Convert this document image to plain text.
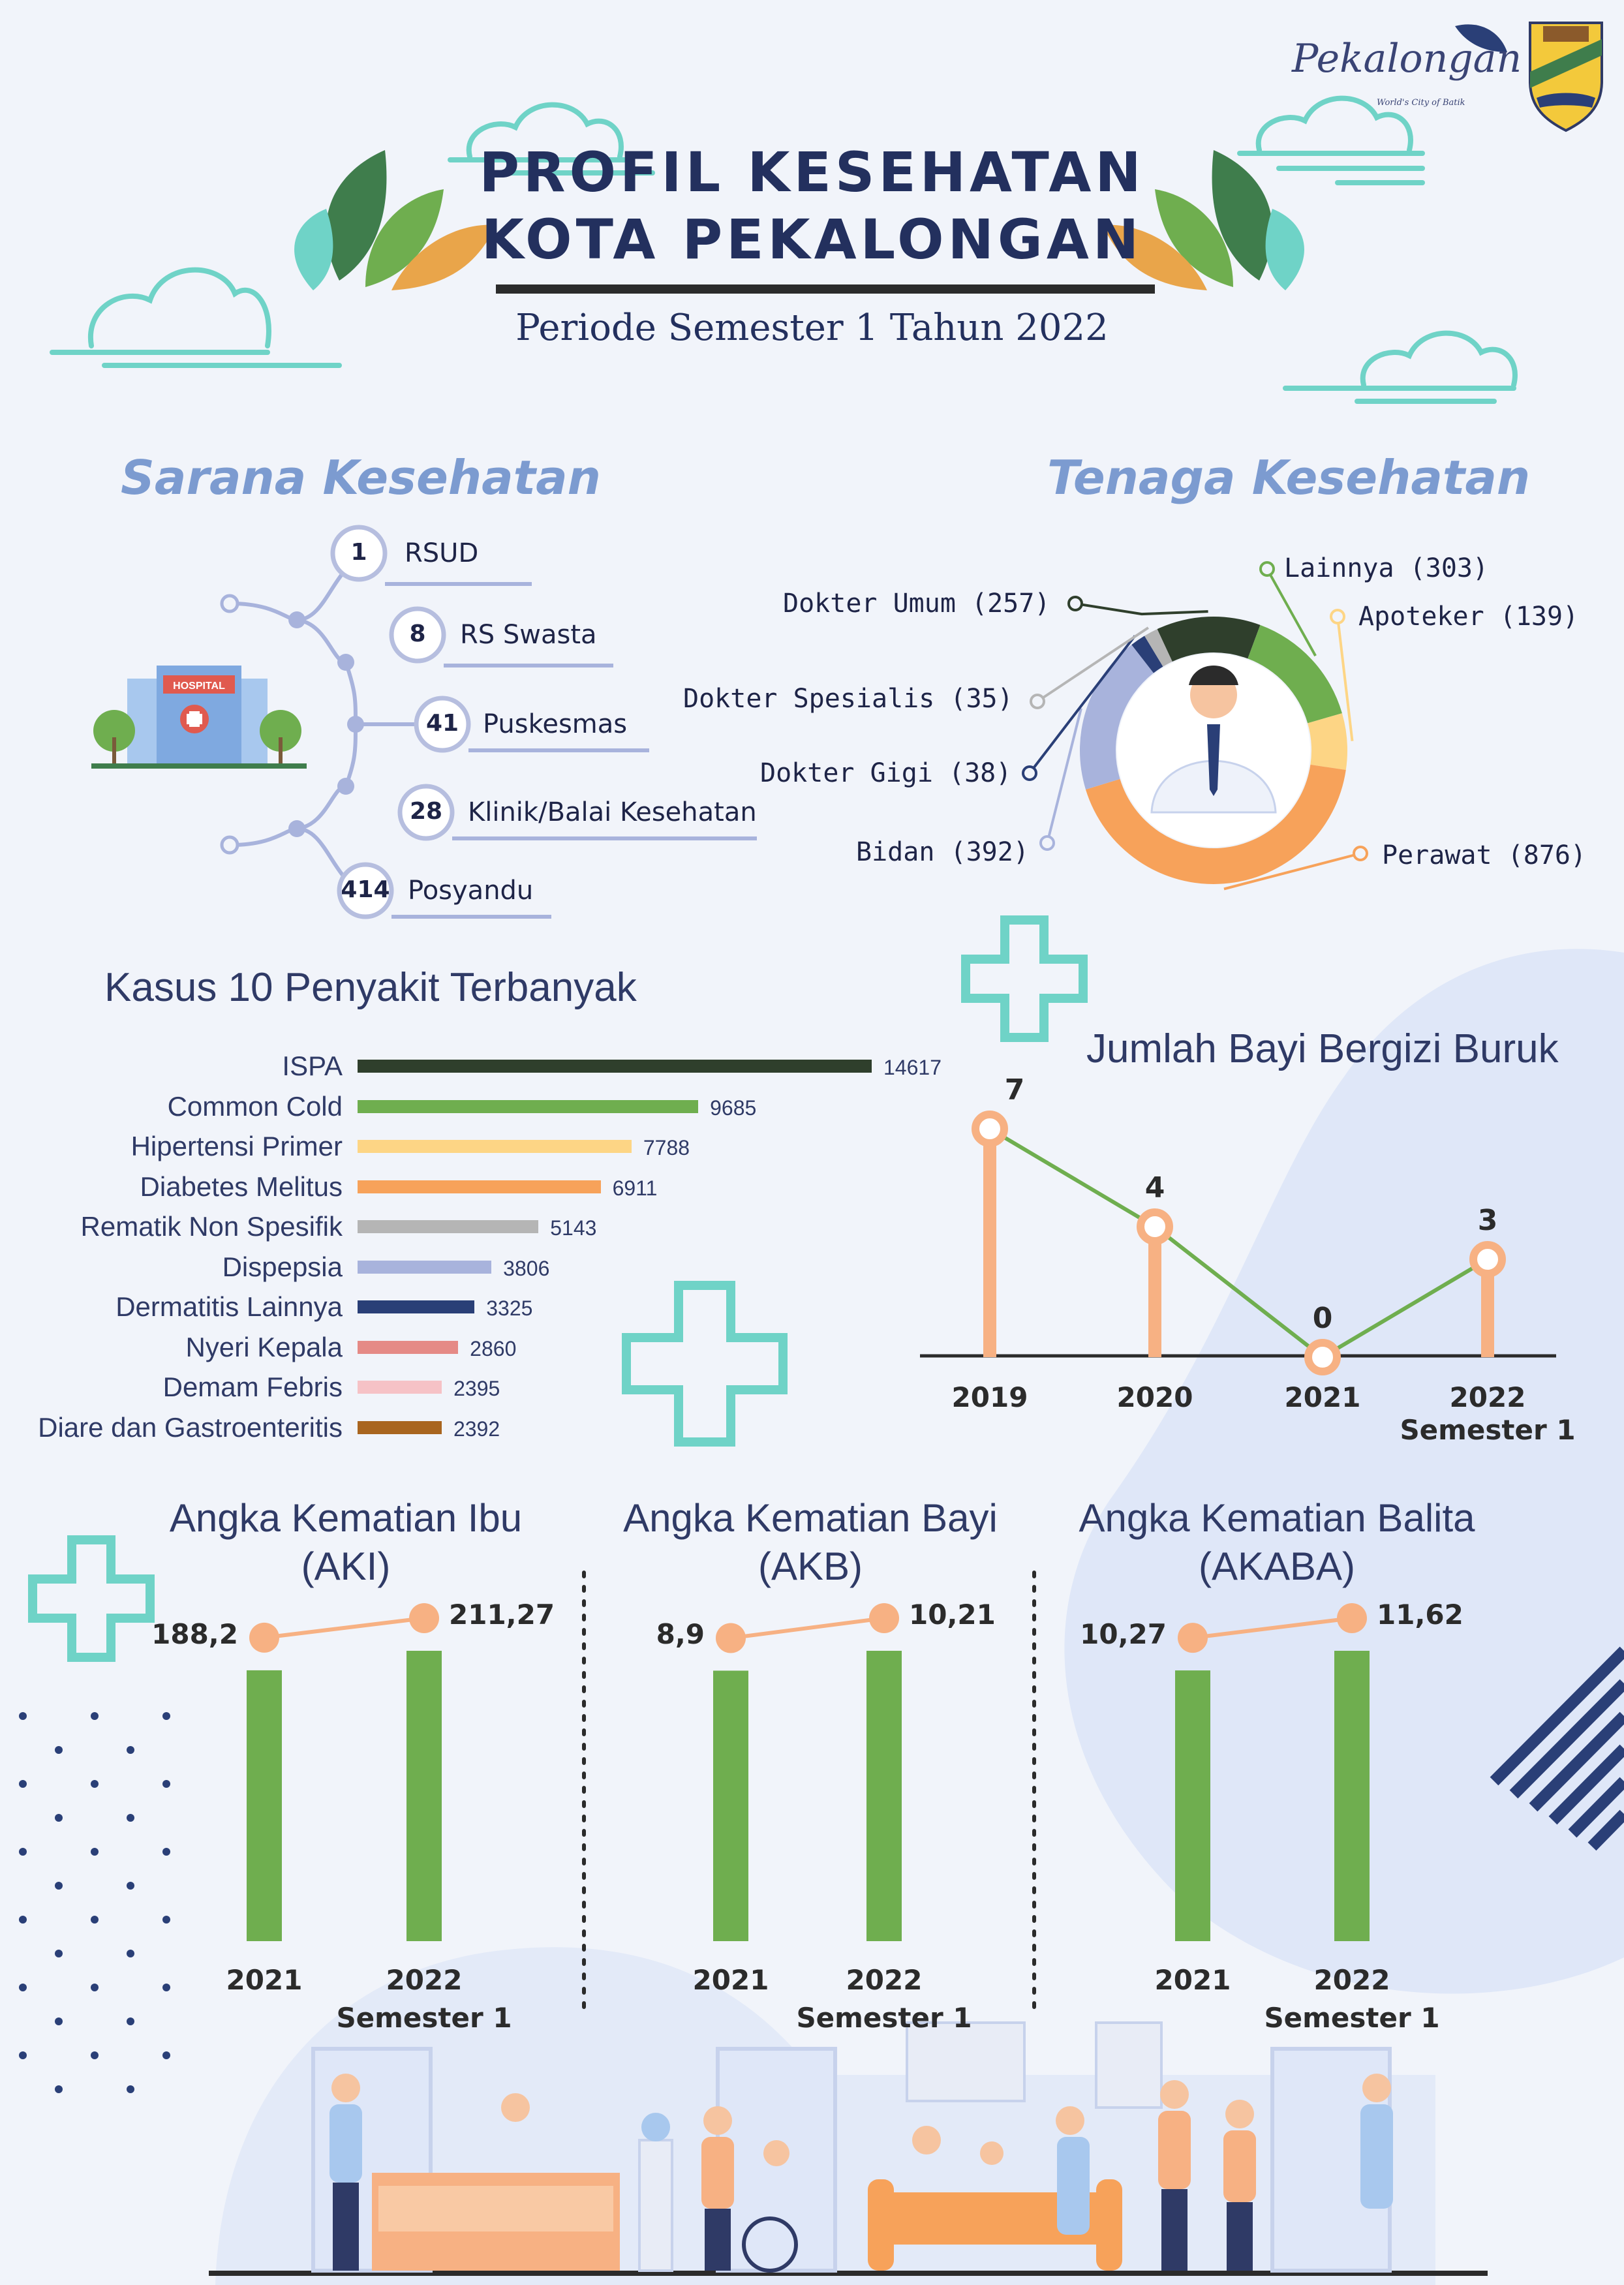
HOSPITAL
Pekalongan
World's City of Batik
PROFIL KESEHATAN
KOTA PEKALONGAN
Periode Semester 1 Tahun 2022
Sarana Kesehatan
1	RSUD
8	RS Swasta
41 Puskesmas
28 Klinik/Balai Kesehatan
414 Posyandu
Tenaga Kesehatan
Dokter Umum (257)
Lainnya (303)
Apoteker (139)
Perawat (876)
Bidan (392)
Dokter Gigi (38)
Dokter Spesialis (35)
Kasus 10 Penyakit Terbanyak
ISPA	14617
Common Cold	9685
Hipertensi Primer	7788
Diabetes Melitus	6911
Rematik Non Spesifik	5143
Dispepsia	3806
Dermatitis Lainnya	3325
Nyeri Kepala	2860
Demam Febris	2395
Diare dan Gastroenteritis	2392
Jumlah Bayi Bergizi Buruk
7
2019
4
2020
0
2021
3
2022
Semester 1
Angka Kematian Ibu
(AKI)
188,2
2021
211,27
2022
Semester 1
Angka Kematian Bayi
(AKB)
8,9
2021
10,21
2022
Semester 1
Angka Kematian Balita
(AKABA)
10,27
2021
11,62
2022
Semester 1
